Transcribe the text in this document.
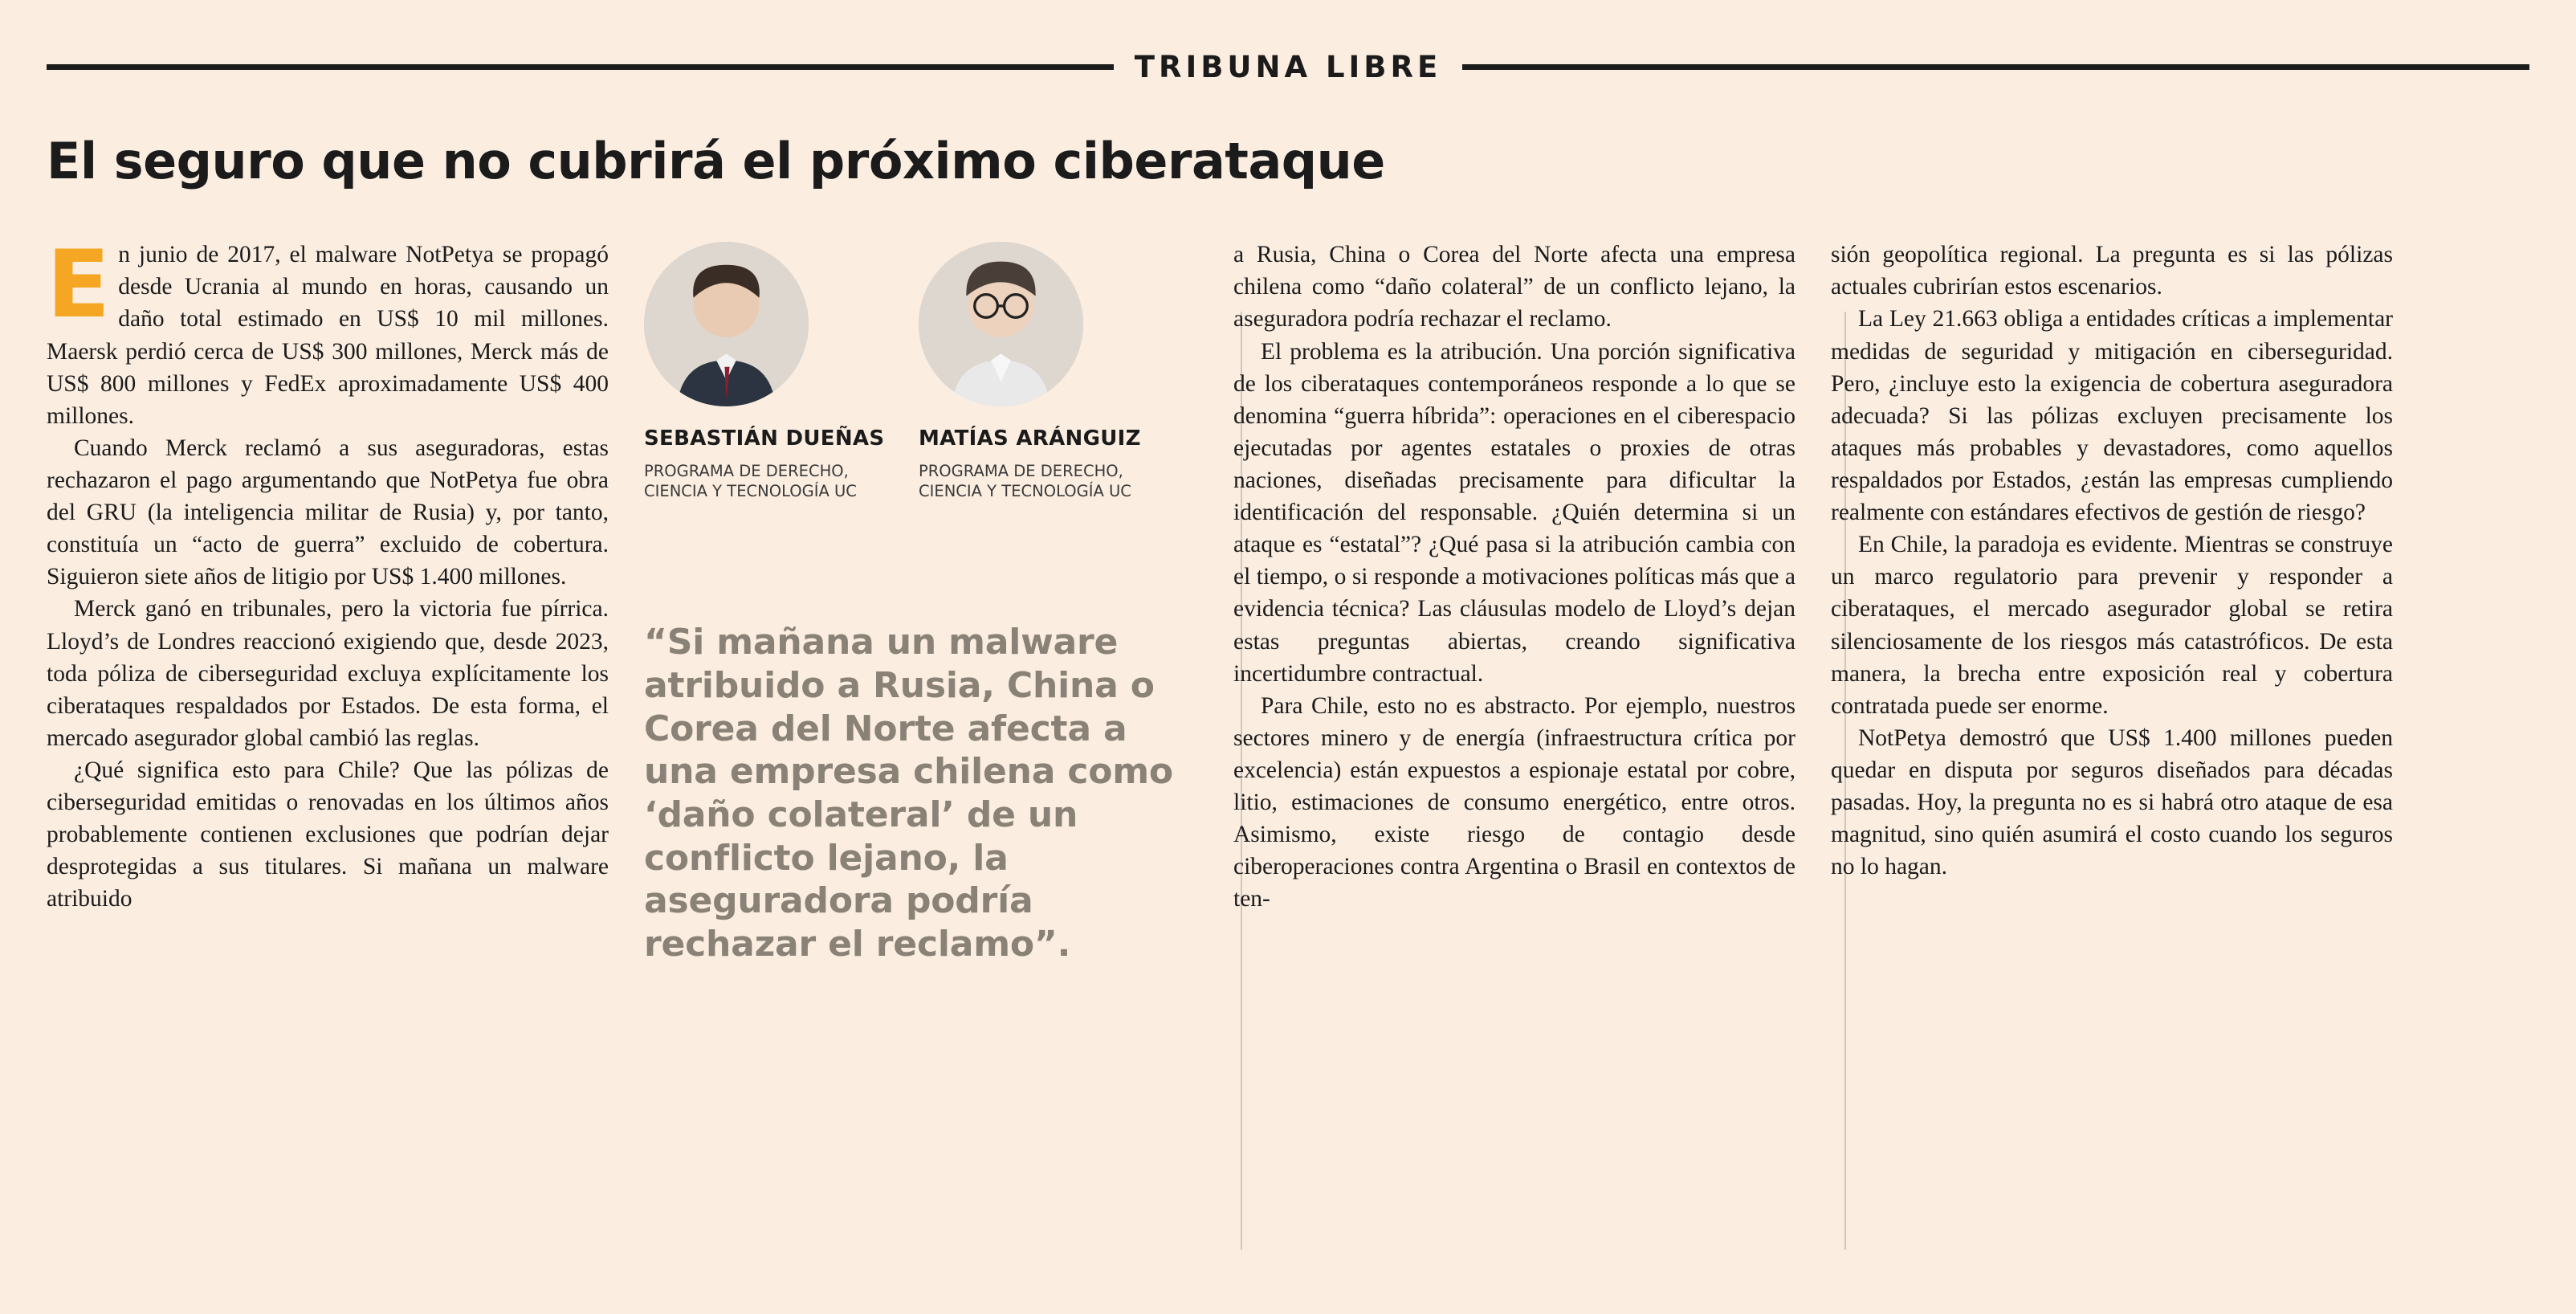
TRIBUNA LIBRE
El seguro que no cubrirá el próximo ciberataque

En junio de 2017, el malware NotPetya se propagó desde Ucrania al mundo en horas, causando un daño total estimado en US$ 10 mil millones. Maersk perdió cerca de US$ 300 millones, Merck más de US$ 800 millones y FedEx aproximadamente US$ 400 millones.

Cuando Merck reclamó a sus aseguradoras, estas rechazaron el pago argumentando que NotPetya fue obra del GRU (la inteligencia militar de Rusia) y, por tanto, constituía un “acto de guerra” excluido de cobertura. Siguieron siete años de litigio por US$ 1.400 millones.

Merck ganó en tribunales, pero la victoria fue pírrica. Lloyd’s de Londres reaccionó exigiendo que, desde 2023, toda póliza de ciberseguridad excluya explícitamente los ciberataques respaldados por Estados. De esta forma, el mercado asegurador global cambió las reglas.

¿Qué significa esto para Chile? Que las pólizas de ciberseguridad emitidas o renovadas en los últimos años probablemente contienen exclusiones que podrían dejar desprotegidas a sus titulares. Si mañana un malware atribuido

SEBASTIÁN DUEÑAS
PROGRAMA DE DERECHO, CIENCIA Y TECNOLOGÍA UC
MATÍAS ARÁNGUIZ
PROGRAMA DE DERECHO, CIENCIA Y TECNOLOGÍA UC
“Si mañana un malware atribuido a Rusia, China o Corea del Norte afecta a una empresa chilena como ‘daño colateral’ de un conflicto lejano, la aseguradora podría rechazar el reclamo”.

a Rusia, China o Corea del Norte afecta una empresa chilena como “daño colateral” de un conflicto lejano, la aseguradora podría rechazar el reclamo.

El problema es la atribución. Una porción significativa de los ciberataques contemporáneos responde a lo que se denomina “guerra híbrida”: operaciones en el ciberespacio ejecutadas por agentes estatales o proxies de otras naciones, diseñadas precisamente para dificultar la identificación del responsable. ¿Quién determina si un ataque es “estatal”? ¿Qué pasa si la atribución cambia con el tiempo, o si responde a motivaciones políticas más que a evidencia técnica? Las cláusulas modelo de Lloyd’s dejan estas preguntas abiertas, creando significativa incertidumbre contractual.

Para Chile, esto no es abstracto. Por ejemplo, nuestros sectores minero y de energía (infraestructura crítica por excelencia) están expuestos a espionaje estatal por cobre, litio, estimaciones de consumo energético, entre otros. Asimismo, existe riesgo de contagio desde ciberoperaciones contra Argentina o Brasil en contextos de ten-

sión geopolítica regional. La pregunta es si las pólizas actuales cubrirían estos escenarios.

La Ley 21.663 obliga a entidades críticas a implementar medidas de seguridad y mitigación en ciberseguridad. Pero, ¿incluye esto la exigencia de cobertura aseguradora adecuada? Si las pólizas excluyen precisamente los ataques más probables y devastadores, como aquellos respaldados por Estados, ¿están las empresas cumpliendo realmente con estándares efectivos de gestión de riesgo?

En Chile, la paradoja es evidente. Mientras se construye un marco regulatorio para prevenir y responder a ciberataques, el mercado asegurador global se retira silenciosamente de los riesgos más catastróficos. De esta manera, la brecha entre exposición real y cobertura contratada puede ser enorme.

NotPetya demostró que US$ 1.400 millones pueden quedar en disputa por seguros diseñados para décadas pasadas. Hoy, la pregunta no es si habrá otro ataque de esa magnitud, sino quién asumirá el costo cuando los seguros no lo hagan.
